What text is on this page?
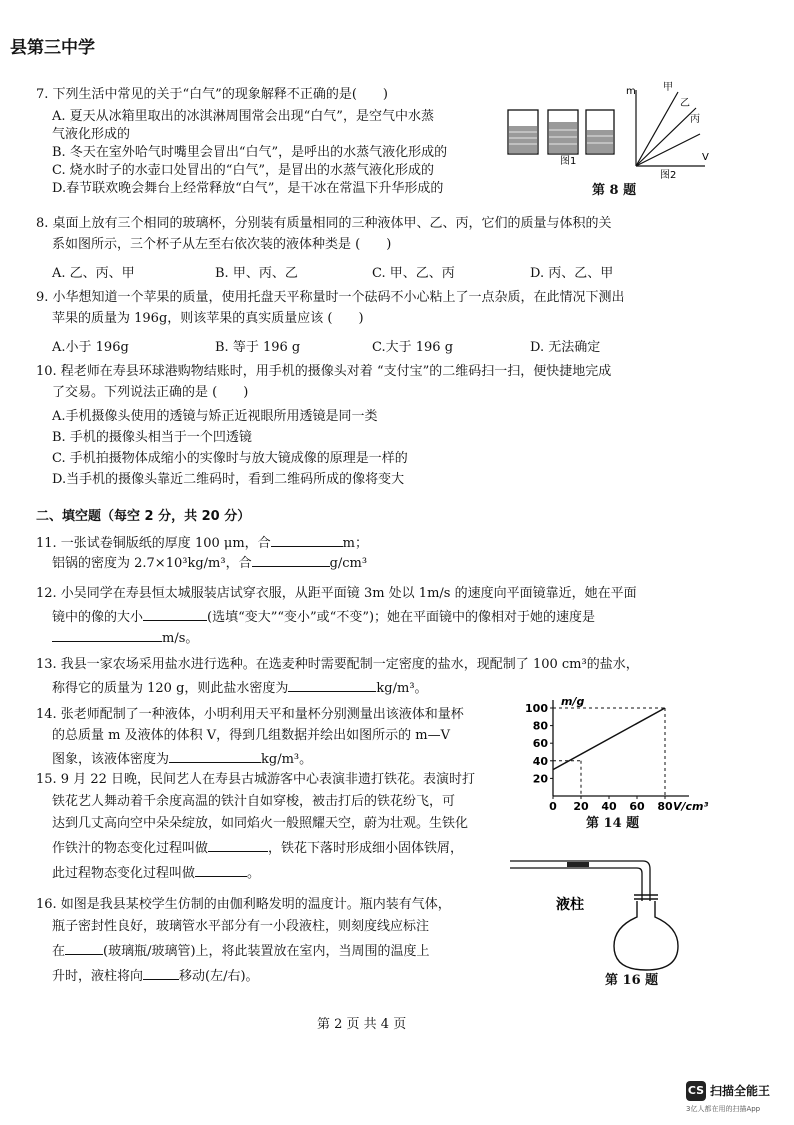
县第三中学
7. 下列生活中常见的关于“白气”的现象解释不正确的是(　　)
A. 夏天从冰箱里取出的冰淇淋周围常会出现“白气”，是空气中水蒸
气液化形成的
B. 冬天在室外哈气时嘴里会冒出“白气”，是呼出的水蒸气液化形成的
C. 烧水时子的水壶口处冒出的“白气”，是冒出的水蒸气液化形成的
D.春节联欢晚会舞台上经常释放“白气”，是干冰在常温下升华形成的
图1
m
V
甲
乙
丙
图2
第 8 题
8. 桌面上放有三个相同的玻璃杯，分别装有质量相同的三种液体甲、乙、丙，它们的质量与体积的关
系如图所示，三个杯子从左至右依次装的液体种类是 (　　)
A. 乙、丙、甲	B. 甲、丙、乙	C. 甲、乙、丙	D. 丙、乙、甲
9. 小华想知道一个苹果的质量，使用托盘天平称量时一个砝码不小心粘上了一点杂质，在此情况下测出
苹果的质量为 196g，则该苹果的真实质量应该 (　　)
A.小于 196g	B. 等于 196 g	C.大于 196 g	D. 无法确定
10. 程老师在寿县环球港购物结账时，用手机的摄像头对着 “支付宝”的二维码扫一扫，便快捷地完成
了交易。下列说法正确的是 (　　)
A.手机摄像头使用的透镜与矫正近视眼所用透镜是同一类
B. 手机的摄像头相当于一个凹透镜
C. 手机拍摄物体成缩小的实像时与放大镜成像的原理是一样的
D.当手机的摄像头靠近二维码时，看到二维码所成的像将变大
二、填空题（每空 2 分，共 20 分）
11. 一张试卷铜版纸的厚度 100 μm，合	m；
铝锅的密度为 2.7×10³kg/m³，合	g/cm³
12. 小吴同学在寿县恒太城服装店试穿衣服，从距平面镜 3m 处以 1m/s 的速度向平面镜靠近，她在平面
镜中的像的大小	(选填“变大”“变小”或“不变”)；她在平面镜中的像相对于她的速度是
m/s。
13. 我县一家农场采用盐水进行选种。在选麦种时需要配制一定密度的盐水，现配制了 100 cm³的盐水，
称得它的质量为 120 g，则此盐水密度为	kg/m³。
14. 张老师配制了一种液体，小明利用天平和量杯分别测量出该液体和量杯
的总质量 m 及液体的体积 V，得到几组数据并绘出如图所示的 m—V
图象，该液体密度为	kg/m³。
20
40
60
80
100
0 20 40 60 80
m/g
V/cm³
第 14 题
15. 9 月 22 日晚，民间艺人在寿县古城游客中心表演非遗打铁花。表演时打
铁花艺人舞动着千余度高温的铁汁自如穿梭，被击打后的铁花纷飞，可
达到几丈高向空中朵朵绽放，如同焰火一般照耀天空，蔚为壮观。生铁化
作铁汁的物态变化过程叫做	，铁花下落时形成细小固体铁屑，
此过程物态变化过程叫做	。
16. 如图是我县某校学生仿制的由伽利略发明的温度计。瓶内装有气体，
瓶子密封性良好，玻璃管水平部分有一小段液柱，则刻度线应标注
在	(玻璃瓶/玻璃管)上，将此装置放在室内，当周围的温度上
升时，液柱将向	移动(左/右)。
液柱
第 16 题
第 2 页 共 4 页
CS 扫描全能王
3亿人都在用的扫描App
